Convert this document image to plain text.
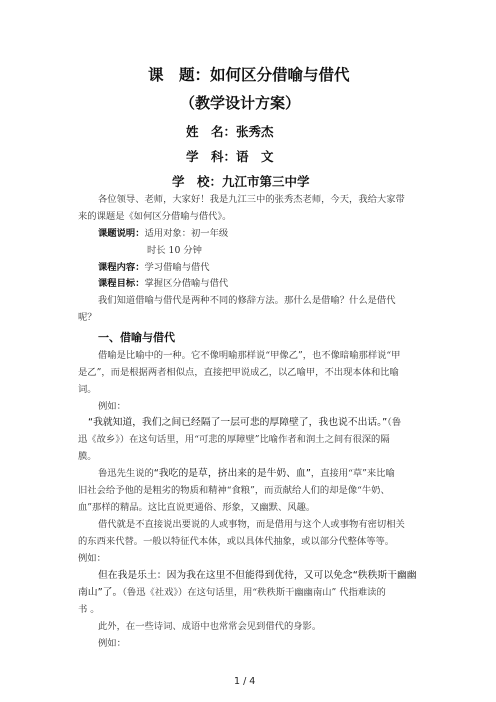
课　题：如何区分借喻与借代
（教学设计方案）
姓　名：张秀杰
学　科：语　文
学　校：九江市第三中学
各位领导、老师，大家好！我是九江三中的张秀杰老师，今天，我给大家带
来的课题是《如何区分借喻与借代》。
课题说明：适用对象：初一年级
时长 10 分钟
课程内容：学习借喻与借代
课程目标：掌握区分借喻与借代
我们知道借喻与借代是两种不同的修辞方法。那什么是借喻？什么是借代
呢？
一、借喻与借代
借喻是比喻中的一种。它不像明喻那样说“甲像乙”，也不像暗喻那样说“甲
是乙”，而是根据两者相似点，直接把甲说成乙，以乙喻甲，不出现本体和比喻
词。
例如：
“我就知道，我们之间已经隔了一层可悲的厚障壁了，我也说不出话。”（鲁
迅《故乡》）在这句话里，用“可悲的厚障壁”比喻作者和润土之间有很深的隔
膜。
鲁迅先生说的“我吃的是草，挤出来的是牛奶、血”，直接用“草”来比喻
旧社会给予他的是粗劣的物质和精神“食粮”，而贡献给人们的却是像“牛奶、
血”那样的精品。这比直说更通俗、形象，又幽默、风趣。
借代就是不直接说出要说的人或事物，而是借用与这个人或事物有密切相关
的东西来代替。一般以特征代本体，或以具体代抽象，或以部分代整体等等。
例如：
但在我是乐土：因为我在这里不但能得到优待，又可以免念“秩秩斯干幽幽
南山”了。（鲁迅《社戏》）在这句话里，用“秩秩斯干幽幽南山” 代指难读的
书 。
此外，在一些诗词、成语中也常常会见到借代的身影。
例如：
1 / 4
